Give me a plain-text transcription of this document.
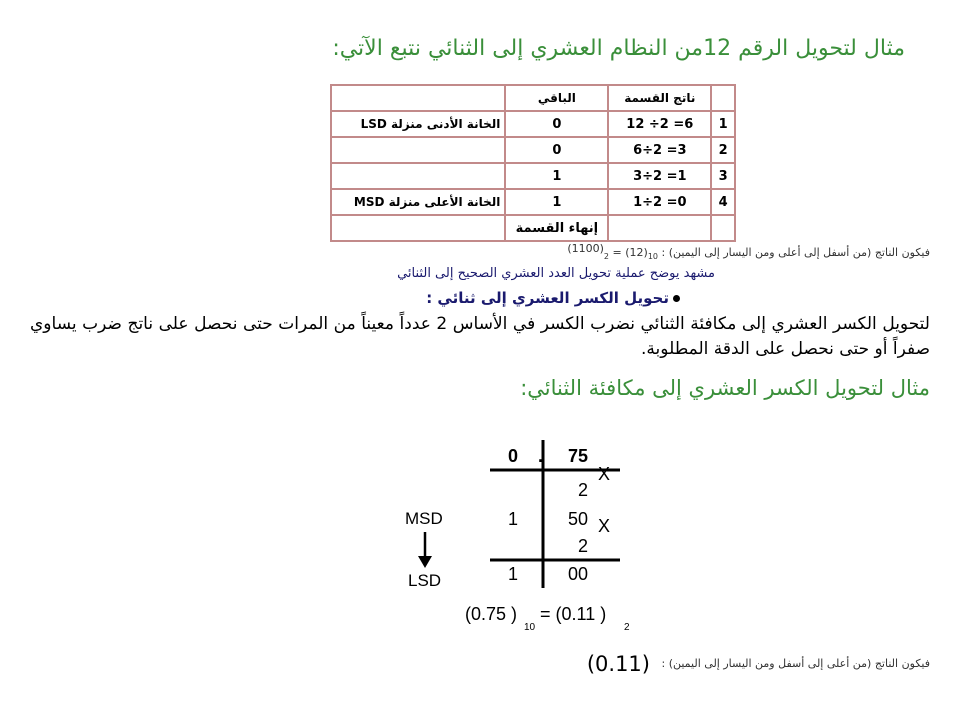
مثال لتحويل الرقم 12من النظام العشري إلى الثنائي نتبع الآتي:
	ناتج القسمة	الباقي	
1	12 ÷2 =6	0	الخانة الأدنى منزلة LSD
2	6÷2 =3	0	
3	3÷2 =1	1	
4	1÷2 =0	1	الخانة الأعلى منزلة MSD
		إنهاء القسمة	
فيكون الناتج (من أسفل إلى أعلى ومن اليسار إلى اليمين) : $(1100)_2 = (12)_{10}$
مشهد يوضح عملية تحويل العدد العشري الصحيح إلى الثنائي
تحويل الكسر العشري إلى ثنائي :
لتحويل الكسر العشري إلى مكافئة الثنائي نضرب الكسر في الأساس 2 عدداً معيناً من المرات حتى نحصل على ناتج ضرب يساوي صفراً أو حتى نحصل على الدقة المطلوبة.
مثال لتحويل الكسر العشري إلى مكافئة الثنائي:
0 . 75
X
2
1	50 X
2
1	00
MSD
LSD
(0.75 )
10
= (0.11 )
2
فيكون الناتج (من أعلى إلى أسفل ومن اليسار إلى اليمين) : (0.11)
